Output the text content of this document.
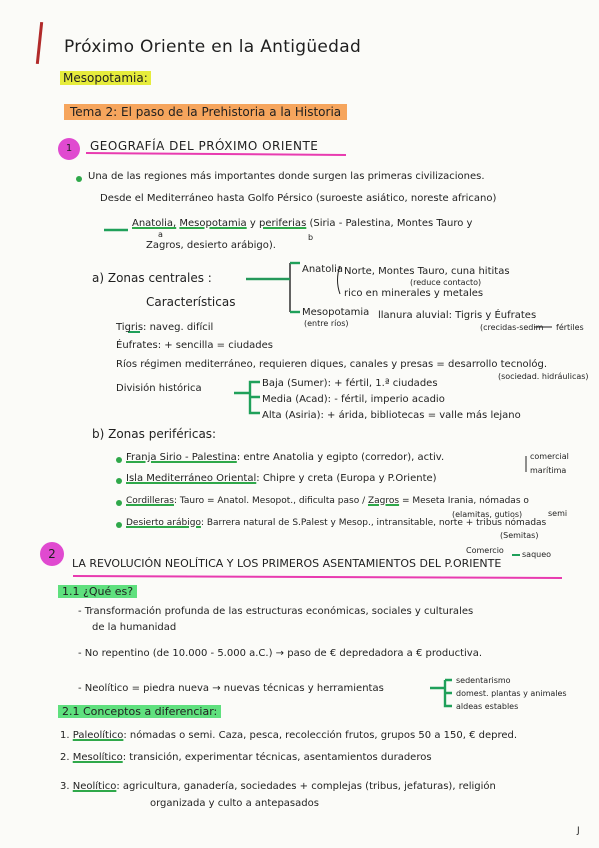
Próximo Oriente en la Antigüedad
Mesopotamia:
Tema 2: El paso de la Prehistoria a la Historia
1	GEOGRAFÍA DEL PRÓXIMO ORIENTE
Una de las regiones más importantes donde surgen las primeras civilizaciones.
Desde el Mediterráneo hasta Golfo Pérsico (suroeste asiático, noreste africano)
Anatolia, Mesopotamia y periferias (Siria - Palestina, Montes Tauro y
a	b
Zagros, desierto arábigo).
a) Zonas centrales :
Características
Anatolia Norte, Montes Tauro, cuna hititas
(reduce contacto)
rico en minerales y metales
Mesopotamia
(entre ríos)
llanura aluvial: Tigris y Éufrates
(crecidas-sedim fértiles
Tigris: naveg. difícil
Éufrates: + sencilla = ciudades
Ríos régimen mediterráneo, requieren diques, canales y presas = desarrollo tecnológ.
(sociedad. hidráulicas)
División histórica	Baja (Sumer): + fértil, 1.ª ciudades
Media (Acad): - fértil, imperio acadio
Alta (Asiria): + árida, bibliotecas = valle más lejano
b) Zonas periféricas:
Franja Sirio - Palestina: entre Anatolia y egipto (corredor), activ.	comercial
marítima
Isla Mediterráneo Oriental: Chipre y creta (Europa y P.Oriente)
Cordilleras: Tauro = Anatol. Mesopot., dificulta paso / Zagros = Meseta Irania, nómadas o
(elamitas, gutios)	semi
Desierto arábigo: Barrera natural de S.Palest y Mesop., intransitable, norte + tribus nómadas
(Semitas)
Comercio saqueo
2
LA REVOLUCIÓN NEOLÍTICA Y LOS PRIMEROS ASENTAMIENTOS DEL P.ORIENTE
1.1 ¿Qué es?
- Transformación profunda de las estructuras económicas, sociales y culturales
de la humanidad
- No repentino (de 10.000 - 5.000 a.C.) → paso de € depredadora a € productiva.
- Neolítico = piedra nueva → nuevas técnicas y herramientas
sedentarismo
domest. plantas y animales
aldeas estables
2.1 Conceptos a diferenciar:
1. Paleolítico: nómadas o semi. Caza, pesca, recolección frutos, grupos 50 a 150, € depred.
2. Mesolítico: transición, experimentar técnicas, asentamientos duraderos
3. Neolítico: agricultura, ganadería, sociedades + complejas (tribus, jefaturas), religión
organizada y culto a antepasados
J
